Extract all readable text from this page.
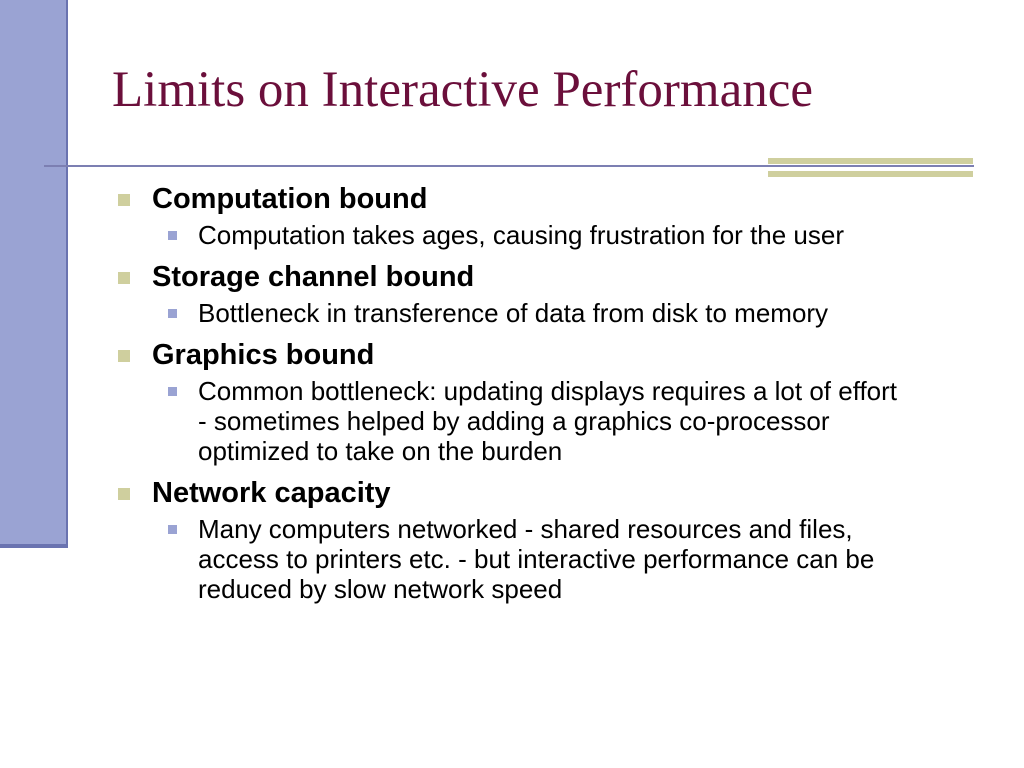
Limits on Interactive Performance
Computation bound
Computation takes ages, causing frustration for the user
Storage channel bound
Bottleneck in transference of data from disk to memory
Graphics bound
Common bottleneck: updating displays requires a lot of effort - sometimes helped by adding a graphics co-processor optimized to take on the burden
Network capacity
Many computers networked - shared resources and files, access to printers etc. - but interactive performance can be reduced by slow network speed
